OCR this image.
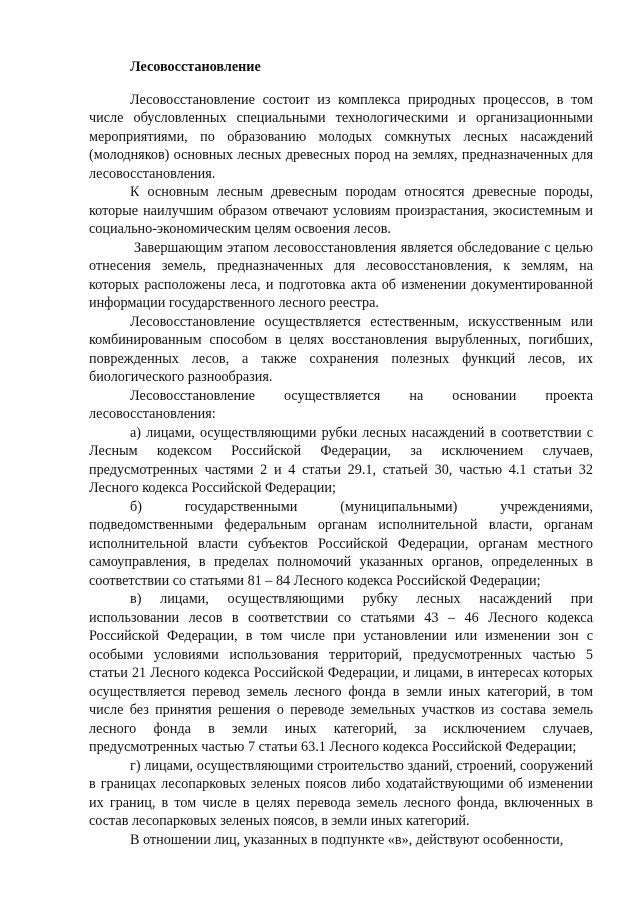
Лесовосстановление

Лесовосстановление состоит из комплекса природных процессов, в том числе обусловленных специальными технологическими и организационными мероприятиями, по образованию молодых сомкнутых лесных насаждений (молодняков) основных лесных древесных пород на землях, предназначенных для лесовосстановления.

К основным лесным древесным породам относятся древесные породы, которые наилучшим образом отвечают условиям произрастания, экосистемным и социально-экономическим целям освоения лесов.

Завершающим этапом лесовосстановления является обследование с целью отнесения земель, предназначенных для лесовосстановления, к землям, на которых расположены леса, и подготовка акта об изменении документированной информации государственного лесного реестра.

Лесовосстановление осуществляется естественным, искусственным или комбинированным способом в целях восстановления вырубленных, погибших, поврежденных лесов, а также сохранения полезных функций лесов, их биологического разнообразия.

Лесовосстановление осуществляется на основании проекта лесовосстановления:

а) лицами, осуществляющими рубки лесных насаждений в соответствии с Лесным кодексом Российской Федерации, за исключением случаев, предусмотренных частями 2 и 4 статьи 29.1, статьей 30, частью 4.1 статьи 32 Лесного кодекса Российской Федерации;

б) государственными (муниципальными) учреждениями, подведомственными федеральным органам исполнительной власти, органам исполнительной власти субъектов Российской Федерации, органам местного самоуправления, в пределах полномочий указанных органов, определенных в соответствии со статьями 81 – 84 Лесного кодекса Российской Федерации;

в) лицами, осуществляющими рубку лесных насаждений при использовании лесов в соответствии со статьями 43 – 46 Лесного кодекса Российской Федерации, в том числе при установлении или изменении зон с особыми условиями использования территорий, предусмотренных частью 5 статьи 21 Лесного кодекса Российской Федерации, и лицами, в интересах которых осуществляется перевод земель лесного фонда в земли иных категорий, в том числе без принятия решения о переводе земельных участков из состава земель лесного фонда в земли иных категорий, за исключением случаев, предусмотренных частью 7 статьи 63.1 Лесного кодекса Российской Федерации;

г) лицами, осуществляющими строительство зданий, строений, сооружений в границах лесопарковых зеленых поясов либо ходатайствующими об изменении их границ, в том числе в целях перевода земель лесного фонда, включенных в состав лесопарковых зеленых поясов, в земли иных категорий.

В отношении лиц, указанных в подпункте «в», действуют особенности,
